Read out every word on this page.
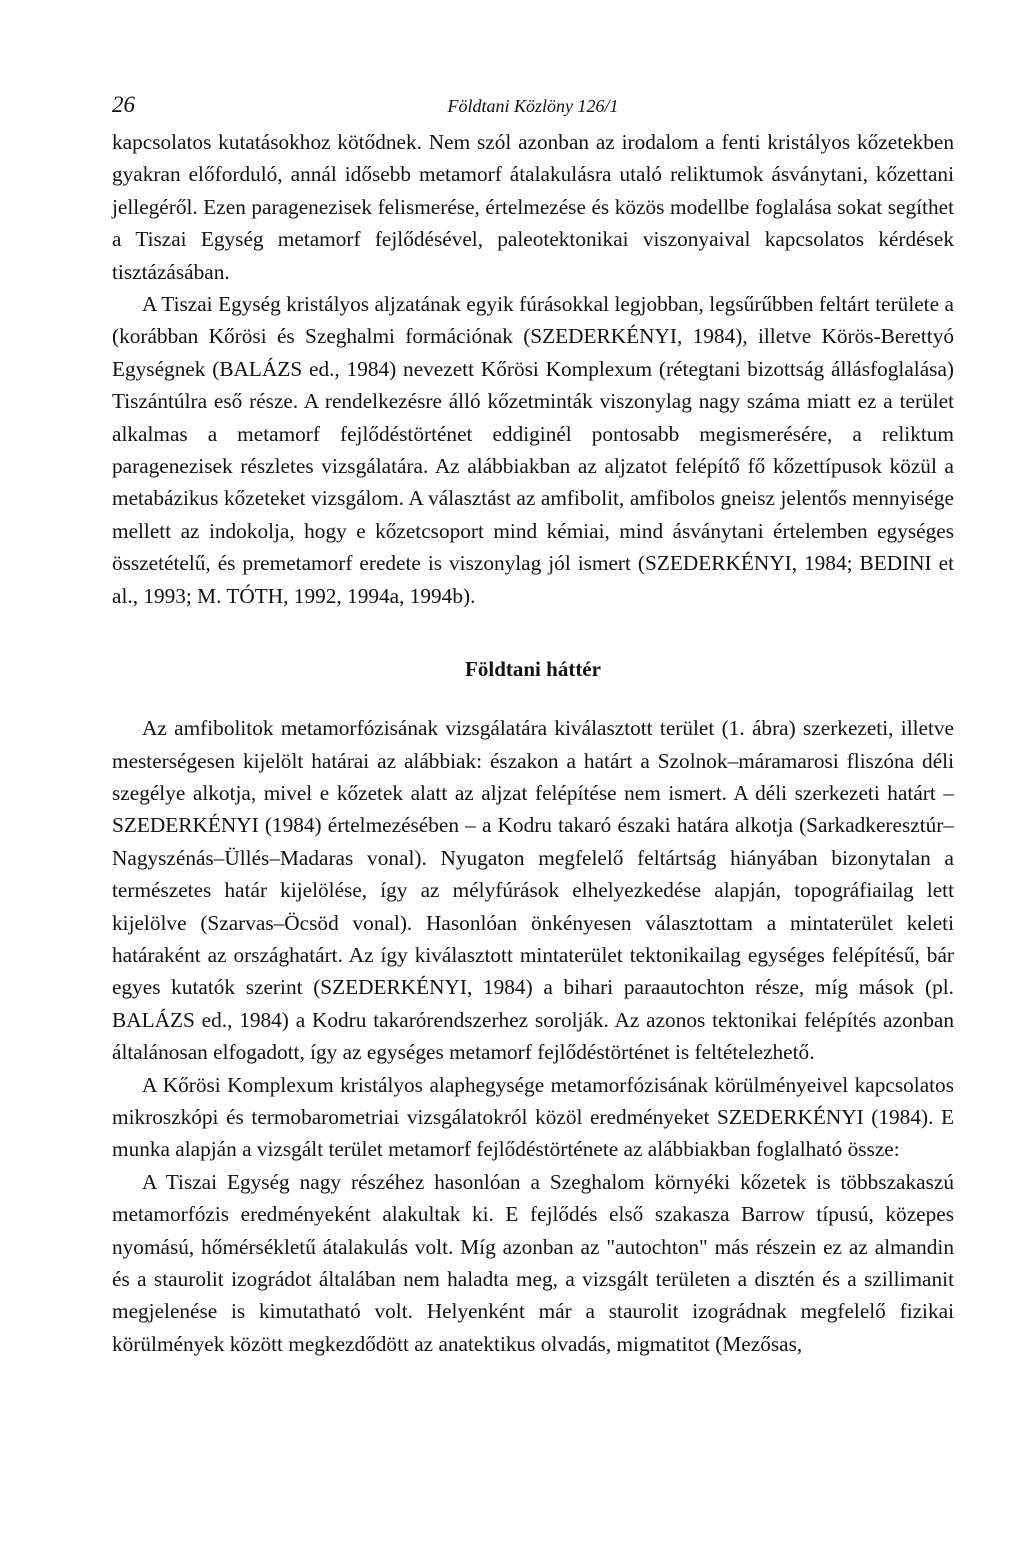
26	Földtani Közlöny 126/1

kapcsolatos kutatásokhoz kötődnek. Nem szól azonban az irodalom a fenti kristályos kőzetekben gyakran előforduló, annál idősebb metamorf átalakulásra utaló reliktumok ásványtani, kőzettani jellegéről. Ezen paragenezisek felismerése, értelmezése és közös modellbe foglalása sokat segíthet a Tiszai Egység metamorf fejlődésével, paleotektonikai viszonyaival kapcsolatos kérdések tisztázásában.

A Tiszai Egység kristályos aljzatának egyik fúrásokkal legjobban, legsűrűbben feltárt területe a (korábban Kőrösi és Szeghalmi formációnak (SZEDERKÉNYI, 1984), illetve Körös-Berettyó Egységnek (BALÁZS ed., 1984) nevezett Kőrösi Komplexum (rétegtani bizottság állásfoglalása) Tiszántúlra eső része. A rendelkezésre álló kőzetminták viszonylag nagy száma miatt ez a terület alkalmas a metamorf fejlődéstörténet eddiginél pontosabb megismerésére, a reliktum paragenezisek részletes vizsgálatára. Az alábbiakban az aljzatot felépítő fő kőzettípusok közül a metabázikus kőzeteket vizsgálom. A választást az amfibolit, amfibolos gneisz jelentős mennyisége mellett az indokolja, hogy e kőzetcsoport mind kémiai, mind ásványtani értelemben egységes összetételű, és premetamorf eredete is viszonylag jól ismert (SZEDERKÉNYI, 1984; BEDINI et al., 1993; M. TÓTH, 1992, 1994a, 1994b).

Földtani háttér

Az amfibolitok metamorfózisának vizsgálatára kiválasztott terület (1. ábra) szerkezeti, illetve mesterségesen kijelölt határai az alábbiak: északon a határt a Szolnok–máramarosi fliszóna déli szegélye alkotja, mivel e kőzetek alatt az aljzat felépítése nem ismert. A déli szerkezeti határt – SZEDERKÉNYI (1984) értelmezésében – a Kodru takaró északi határa alkotja (Sarkadkeresztúr–Nagyszénás–Üllés–Madaras vonal). Nyugaton megfelelő feltártság hiányában bizonytalan a természetes határ kijelölése, így az mélyfúrások elhelyezkedése alapján, topográfiailag lett kijelölve (Szarvas–Öcsöd vonal). Hasonlóan önkényesen választottam a mintaterület keleti határaként az országhatárt. Az így kiválasztott mintaterület tektonikailag egységes felépítésű, bár egyes kutatók szerint (SZEDERKÉNYI, 1984) a bihari paraautochton része, míg mások (pl. BALÁZS ed., 1984) a Kodru takarórendszerhez sorolják. Az azonos tektonikai felépítés azonban általánosan elfogadott, így az egységes metamorf fejlődéstörténet is feltételezhető.

A Kőrösi Komplexum kristályos alaphegysége metamorfózisának körülményeivel kapcsolatos mikroszkópi és termobarometriai vizsgálatokról közöl eredményeket SZEDERKÉNYI (1984). E munka alapján a vizsgált terület metamorf fejlődéstörténete az alábbiakban foglalható össze:

A Tiszai Egység nagy részéhez hasonlóan a Szeghalom környéki kőzetek is többszakaszú metamorfózis eredményeként alakultak ki. E fejlődés első szakasza Barrow típusú, közepes nyomású, hőmérsékletű átalakulás volt. Míg azonban az "autochton" más részein ez az almandin és a staurolit izográdot általában nem haladta meg, a vizsgált területen a disztén és a szillimanit megjelenése is kimutatható volt. Helyenként már a staurolit izográdnak megfelelő fizikai körülmények között megkezdődött az anatektikus olvadás, migmatitot (Mezősas,
